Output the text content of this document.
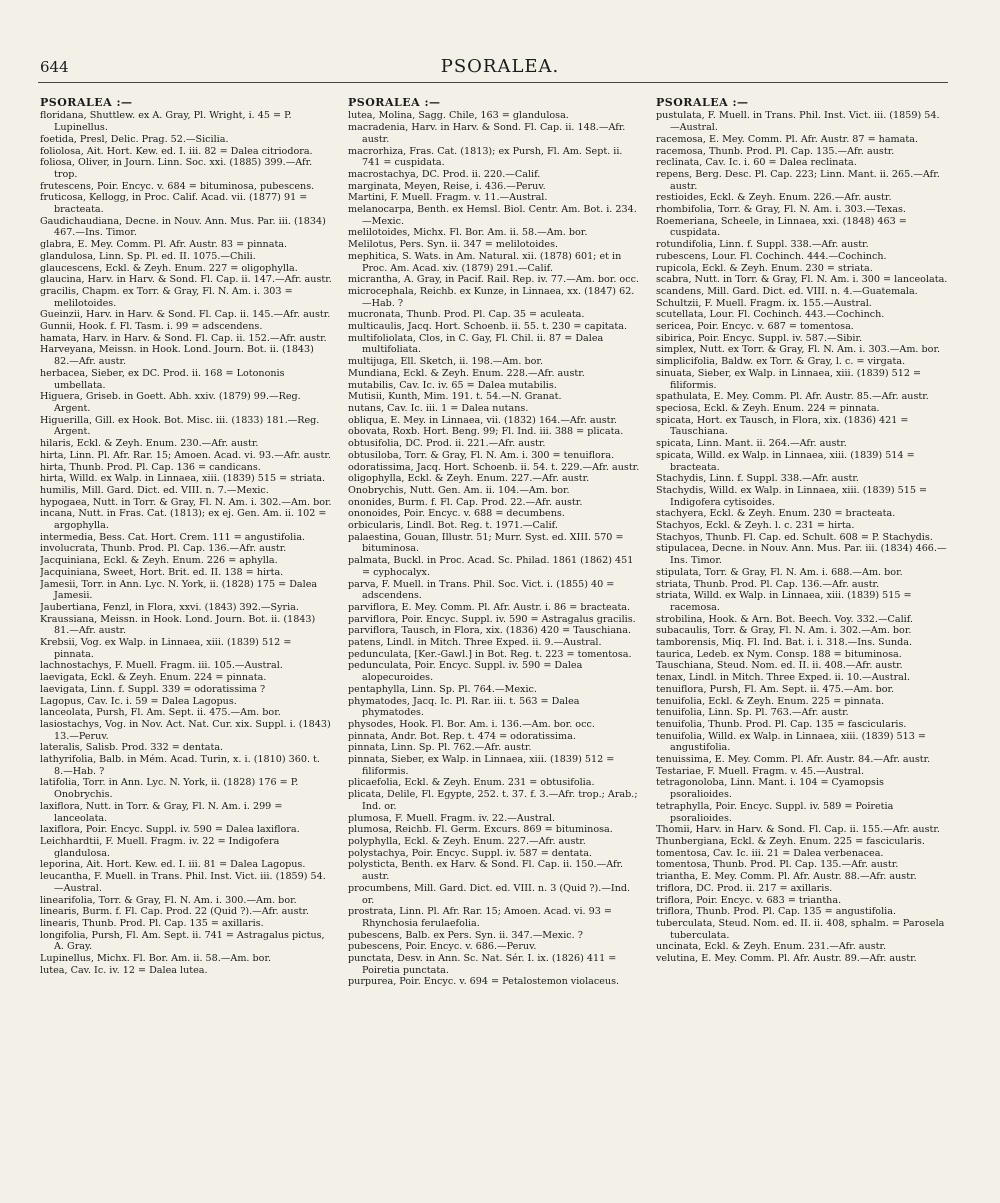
644	PSORALEA.
PSORALEA :—
floridana, Shuttlew. ex A. Gray, Pl. Wright, i. 45 = P. Lupinellus.
foetida, Presl, Delic. Prag. 52.—Sicilia.
foliolosa, Ait. Hort. Kew. ed. I. iii. 82 = Dalea citriodora.
foliosa, Oliver, in Journ. Linn. Soc. xxi. (1885) 399.—Afr. trop.
frutescens, Poir. Encyc. v. 684 = bituminosa, pubescens.
fruticosa, Kellogg, in Proc. Calif. Acad. vii. (1877) 91 = bracteata.
Gaudichaudiana, Decne. in Nouv. Ann. Mus. Par. iii. (1834) 467.—Ins. Timor.
glabra, E. Mey. Comm. Pl. Afr. Austr. 83 = pinnata.
glandulosa, Linn. Sp. Pl. ed. II. 1075.—Chili.
glaucescens, Eckl. & Zeyh. Enum. 227 = oligophylla.
glaucina, Harv. in Harv. & Sond. Fl. Cap. ii. 147.—Afr. austr.
gracilis, Chapm. ex Torr. & Gray, Fl. N. Am. i. 303 = melilotoides.
Gueinzii, Harv. in Harv. & Sond. Fl. Cap. ii. 145.—Afr. austr.
Gunnii, Hook. f. Fl. Tasm. i. 99 = adscendens.
hamata, Harv. in Harv. & Sond. Fl. Cap. ii. 152.—Afr. austr.
Harveyana, Meissn. in Hook. Lond. Journ. Bot. ii. (1843) 82.—Afr. austr.
herbacea, Sieber, ex DC. Prod. ii. 168 = Lotononis umbellata.
Higuera, Griseb. in Goett. Abh. xxiv. (1879) 99.—Reg. Argent.
Higuerilla, Gill. ex Hook. Bot. Misc. iii. (1833) 181.—Reg. Argent.
hilaris, Eckl. & Zeyh. Enum. 230.—Afr. austr.
hirta, Linn. Pl. Afr. Rar. 15; Amoen. Acad. vi. 93.—Afr. austr.
hirta, Thunb. Prod. Pl. Cap. 136 = candicans.
hirta, Willd. ex Walp. in Linnaea, xiii. (1839) 515 = striata.
humilis, Mill. Gard. Dict. ed. VIII. n. 7.—Mexic.
hypogaea, Nutt. in Torr. & Gray, Fl. N. Am. i. 302.—Am. bor.
incana, Nutt. in Fras. Cat. (1813); ex ej. Gen. Am. ii. 102 = argophylla.
intermedia, Bess. Cat. Hort. Crem. 111 = angustifolia.
involucrata, Thunb. Prod. Pl. Cap. 136.—Afr. austr.
Jacquiniana, Eckl. & Zeyh. Enum. 226 = aphylla.
Jacquiniana, Sweet, Hort. Brit. ed. II. 138 = hirta.
Jamesii, Torr. in Ann. Lyc. N. York, ii. (1828) 175 = Dalea Jamesii.
Jaubertiana, Fenzl, in Flora, xxvi. (1843) 392.—Syria.
Kraussiana, Meissn. in Hook. Lond. Journ. Bot. ii. (1843) 81.—Afr. austr.
Krebsii, Vog. ex Walp. in Linnaea, xiii. (1839) 512 = pinnata.
lachnostachys, F. Muell. Fragm. iii. 105.—Austral.
laevigata, Eckl. & Zeyh. Enum. 224 = pinnata.
laevigata, Linn. f. Suppl. 339 = odoratissima ?
Lagopus, Cav. Ic. i. 59 = Dalea Lagopus.
lanceolata, Pursh, Fl. Am. Sept. ii. 475.—Am. bor.
lasiostachys, Vog. in Nov. Act. Nat. Cur. xix. Suppl. i. (1843) 13.—Peruv.
lateralis, Salisb. Prod. 332 = dentata.
lathyrifolia, Balb. in Mém. Acad. Turin, x. i. (1810) 360. t. 8.—Hab. ?
latifolia, Torr. in Ann. Lyc. N. York, ii. (1828) 176 = P. Onobrychis.
laxiflora, Nutt. in Torr. & Gray, Fl. N. Am. i. 299 = lanceolata.
laxiflora, Poir. Encyc. Suppl. iv. 590 = Dalea laxiflora.
Leichhardtii, F. Muell. Fragm. iv. 22 = Indigofera glandulosa.
leporina, Ait. Hort. Kew. ed. I. iii. 81 = Dalea Lagopus.
leucantha, F. Muell. in Trans. Phil. Inst. Vict. iii. (1859) 54.—Austral.
linearifolia, Torr. & Gray, Fl. N. Am. i. 300.—Am. bor.
linearis, Burm. f. Fl. Cap. Prod. 22 (Quid ?).—Afr. austr.
linearis, Thunb. Prod. Pl. Cap. 135 = axillaris.
longifolia, Pursh, Fl. Am. Sept. ii. 741 = Astragalus pictus, A. Gray.
Lupinellus, Michx. Fl. Bor. Am. ii. 58.—Am. bor.
lutea, Cav. Ic. iv. 12 = Dalea lutea.
PSORALEA :—
lutea, Molina, Sagg. Chile, 163 = glandulosa.
macradenia, Harv. in Harv. & Sond. Fl. Cap. ii. 148.—Afr. austr.
macrorhiza, Fras. Cat. (1813); ex Pursh, Fl. Am. Sept. ii. 741 = cuspidata.
macrostachya, DC. Prod. ii. 220.—Calif.
marginata, Meyen, Reise, i. 436.—Peruv.
Martini, F. Muell. Fragm. v. 11.—Austral.
melanocarpa, Benth. ex Hemsl. Biol. Centr. Am. Bot. i. 234.—Mexic.
melilotoides, Michx. Fl. Bor. Am. ii. 58.—Am. bor.
Melilotus, Pers. Syn. ii. 347 = melilotoides.
mephitica, S. Wats. in Am. Natural. xii. (1878) 601; et in Proc. Am. Acad. xiv. (1879) 291.—Calif.
micrantha, A. Gray, in Pacif. Rail. Rep. iv. 77.—Am. bor. occ.
microcephala, Reichb. ex Kunze, in Linnaea, xx. (1847) 62.—Hab. ?
mucronata, Thunb. Prod. Pl. Cap. 35 = aculeata.
multicaulis, Jacq. Hort. Schoenb. ii. 55. t. 230 = capitata.
multifoliolata, Clos, in C. Gay, Fl. Chil. ii. 87 = Dalea multifoliata.
multijuga, Ell. Sketch, ii. 198.—Am. bor.
Mundiana, Eckl. & Zeyh. Enum. 228.—Afr. austr.
mutabilis, Cav. Ic. iv. 65 = Dalea mutabilis.
Mutisii, Kunth, Mim. 191. t. 54.—N. Granat.
nutans, Cav. Ic. iii. 1 = Dalea nutans.
obliqua, E. Mey. in Linnaea, vii. (1832) 164.—Afr. austr.
obovata, Roxb. Hort. Beng. 99; Fl. Ind. iii. 388 = plicata.
obtusifolia, DC. Prod. ii. 221.—Afr. austr.
obtusiloba, Torr. & Gray, Fl. N. Am. i. 300 = tenuiflora.
odoratissima, Jacq. Hort. Schoenb. ii. 54. t. 229.—Afr. austr.
oligophylla, Eckl. & Zeyh. Enum. 227.—Afr. austr.
Onobrychis, Nutt. Gen. Am. ii. 104.—Am. bor.
ononides, Burm. f. Fl. Cap. Prod. 22.—Afr. austr.
ononoides, Poir. Encyc. v. 688 = decumbens.
orbicularis, Lindl. Bot. Reg. t. 1971.—Calif.
palaestina, Gouan, Illustr. 51; Murr. Syst. ed. XIII. 570 = bituminosa.
palmata, Buckl. in Proc. Acad. Sc. Philad. 1861 (1862) 451 = cyphocalyx.
parva, F. Muell. in Trans. Phil. Soc. Vict. i. (1855) 40 = adscendens.
parviflora, E. Mey. Comm. Pl. Afr. Austr. i. 86 = bracteata.
parviflora, Poir. Encyc. Suppl. iv. 590 = Astragalus gracilis.
parviflora, Tausch, in Flora, xix. (1836) 420 = Tauschiana.
patens, Lindl. in Mitch. Three Exped. ii. 9.—Austral.
pedunculata, [Ker.-Gawl.] in Bot. Reg. t. 223 = tomentosa.
pedunculata, Poir. Encyc. Suppl. iv. 590 = Dalea alopecuroides.
pentaphylla, Linn. Sp. Pl. 764.—Mexic.
phymatodes, Jacq. Ic. Pl. Rar. iii. t. 563 = Dalea phymatodes.
physodes, Hook. Fl. Bor. Am. i. 136.—Am. bor. occ.
pinnata, Andr. Bot. Rep. t. 474 = odoratissima.
pinnata, Linn. Sp. Pl. 762.—Afr. austr.
pinnata, Sieber, ex Walp. in Linnaea, xiii. (1839) 512 = filiformis.
plicaefolia, Eckl. & Zeyh. Enum. 231 = obtusifolia.
plicata, Delile, Fl. Egypte, 252. t. 37. f. 3.—Afr. trop.; Arab.; Ind. or.
plumosa, F. Muell. Fragm. iv. 22.—Austral.
plumosa, Reichb. Fl. Germ. Excurs. 869 = bituminosa.
polyphylla, Eckl. & Zeyh. Enum. 227.—Afr. austr.
polystachya, Poir. Encyc. Suppl. iv. 587 = dentata.
polysticta, Benth. ex Harv. & Sond. Fl. Cap. ii. 150.—Afr. austr.
procumbens, Mill. Gard. Dict. ed. VIII. n. 3 (Quid ?).—Ind. or.
prostrata, Linn. Pl. Afr. Rar. 15; Amoen. Acad. vi. 93 = Rhynchosia ferulaefolia.
pubescens, Balb. ex Pers. Syn. ii. 347.—Mexic. ?
pubescens, Poir. Encyc. v. 686.—Peruv.
punctata, Desv. in Ann. Sc. Nat. Sér. I. ix. (1826) 411 = Poiretia punctata.
purpurea, Poir. Encyc. v. 694 = Petalostemon violaceus.
PSORALEA :—
pustulata, F. Muell. in Trans. Phil. Inst. Vict. iii. (1859) 54.—Austral.
racemosa, E. Mey. Comm. Pl. Afr. Austr. 87 = hamata.
racemosa, Thunb. Prod. Pl. Cap. 135.—Afr. austr.
reclinata, Cav. Ic. i. 60 = Dalea reclinata.
repens, Berg. Desc. Pl. Cap. 223; Linn. Mant. ii. 265.—Afr. austr.
restioides, Eckl. & Zeyh. Enum. 226.—Afr. austr.
rhombifolia, Torr. & Gray, Fl. N. Am. i. 303.—Texas.
Roemeriana, Scheele, in Linnaea, xxi. (1848) 463 = cuspidata.
rotundifolia, Linn. f. Suppl. 338.—Afr. austr.
rubescens, Lour. Fl. Cochinch. 444.—Cochinch.
rupicola, Eckl. & Zeyh. Enum. 230 = striata.
scabra, Nutt. in Torr. & Gray, Fl. N. Am. i. 300 = lanceolata.
scandens, Mill. Gard. Dict. ed. VIII. n. 4.—Guatemala.
Schultzii, F. Muell. Fragm. ix. 155.—Austral.
scutellata, Lour. Fl. Cochinch. 443.—Cochinch.
sericea, Poir. Encyc. v. 687 = tomentosa.
sibirica, Poir. Encyc. Suppl. iv. 587.—Sibir.
simplex, Nutt. ex Torr. & Gray, Fl. N. Am. i. 303.—Am. bor.
simplicifolia, Baldw. ex Torr. & Gray, l. c. = virgata.
sinuata, Sieber, ex Walp. in Linnaea, xiii. (1839) 512 = filiformis.
spathulata, E. Mey. Comm. Pl. Afr. Austr. 85.—Afr. austr.
speciosa, Eckl. & Zeyh. Enum. 224 = pinnata.
spicata, Hort. ex Tausch, in Flora, xix. (1836) 421 = Tauschiana.
spicata, Linn. Mant. ii. 264.—Afr. austr.
spicata, Willd. ex Walp. in Linnaea, xiii. (1839) 514 = bracteata.
Stachydis, Linn. f. Suppl. 338.—Afr. austr.
Stachydis, Willd. ex Walp. in Linnaea, xiii. (1839) 515 = Indigofera cytisoides.
stachyera, Eckl. & Zeyh. Enum. 230 = bracteata.
Stachyos, Eckl. & Zeyh. l. c. 231 = hirta.
Stachyos, Thunb. Fl. Cap. ed. Schult. 608 = P. Stachydis.
stipulacea, Decne. in Nouv. Ann. Mus. Par. iii. (1834) 466.—Ins. Timor.
stipulata, Torr. & Gray, Fl. N. Am. i. 688.—Am. bor.
striata, Thunb. Prod. Pl. Cap. 136.—Afr. austr.
striata, Willd. ex Walp. in Linnaea, xiii. (1839) 515 = racemosa.
strobilina, Hook. & Arn. Bot. Beech. Voy. 332.—Calif.
subacaulis, Torr. & Gray, Fl. N. Am. i. 302.—Am. bor.
tamborensis, Miq. Fl. Ind. Bat. i. i. 318.—Ins. Sunda.
taurica, Ledeb. ex Nym. Consp. 188 = bituminosa.
Tauschiana, Steud. Nom. ed. II. ii. 408.—Afr. austr.
tenax, Lindl. in Mitch. Three Exped. ii. 10.—Austral.
tenuiflora, Pursh, Fl. Am. Sept. ii. 475.—Am. bor.
tenuifolia, Eckl. & Zeyh. Enum. 225 = pinnata.
tenuifolia, Linn. Sp. Pl. 763.—Afr. austr.
tenuifolia, Thunb. Prod. Pl. Cap. 135 = fascicularis.
tenuifolia, Willd. ex Walp. in Linnaea, xiii. (1839) 513 = angustifolia.
tenuissima, E. Mey. Comm. Pl. Afr. Austr. 84.—Afr. austr.
Testariae, F. Muell. Fragm. v. 45.—Austral.
tetragonoloba, Linn. Mant. i. 104 = Cyamopsis psoralioides.
tetraphylla, Poir. Encyc. Suppl. iv. 589 = Poiretia psoralioides.
Thomii, Harv. in Harv. & Sond. Fl. Cap. ii. 155.—Afr. austr.
Thunbergiana, Eckl. & Zeyh. Enum. 225 = fascicularis.
tomentosa, Cav. Ic. iii. 21 = Dalea verbenacea.
tomentosa, Thunb. Prod. Pl. Cap. 135.—Afr. austr.
triantha, E. Mey. Comm. Pl. Afr. Austr. 88.—Afr. austr.
triflora, DC. Prod. ii. 217 = axillaris.
triflora, Poir. Encyc. v. 683 = triantha.
triflora, Thunb. Prod. Pl. Cap. 135 = angustifolia.
tuberculata, Steud. Nom. ed. II. ii. 408, sphalm. = Parosela tuberculata.
uncinata, Eckl. & Zeyh. Enum. 231.—Afr. austr.
velutina, E. Mey. Comm. Pl. Afr. Austr. 89.—Afr. austr.
